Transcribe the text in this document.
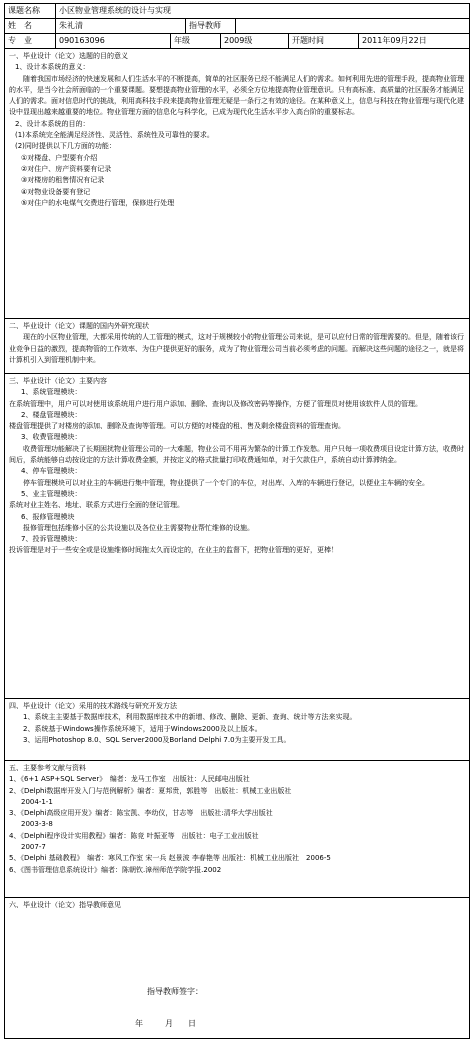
课题名称	小区物业管理系统的设计与实现
姓　名	朱礼清	指导教师
专　业	090163096	年级	2009级	开题时间	2011年09月22日

一、毕业设计（论文）选题的目的意义

1、设计本系统的意义：

随着我国市场经济的快速发展和人们生活水平的不断提高，简单的社区服务已经不能满足人们的需求。如何利用先进的管理手段，提高物业管理的水平，是当今社会所面临的一个重要课题。要想提高物业管理的水平，必须全方位地提高物业管理意识。只有高标准、高质量的社区服务才能满足人们的需求。面对信息时代的挑战，利用高科技手段来提高物业管理无疑是一条行之有效的途径。在某种意义上，信息与科技在物业管理与现代化建设中显现出越来越重要的地位。物业管理方面的信息化与科学化，已成为现代化生活水平步入高台阶的重要标志。

2、设计本系统的目的：

(1)本系统完全能满足经济性、灵活性、系统性及可靠性的要求。

(2)同时提供以下几方面的功能：

①对楼盘、户型要有介绍

②对住户、房产资料要有记录

③对楼房的租售情况有记录

④对物业设备要有登记

⑤对住户的水电煤气交费进行管理，保修进行处理

二、毕业设计（论文）课题的国内外研究现状

现在的小区物业管理，大都采用传统的人工管理的模式，这对于规模较小的物业管理公司来说，是可以应付日常的管理需要的。但是，随着该行业竞争日益的激烈，提高物管的工作效率、为住户提供更好的服务，成为了物业管理公司当前必须考虑的问题。而解决这些问题的途径之一，就是将计算机引入到管理机制中来。

三、毕业设计（论文）主要内容

1、系统管理模块：

在系统管理中，用户可以对使用该系统用户进行用户添加、删除、查询以及修改密码等操作，方便了管理员对使用该软件人员的管理。

2、楼盘管理模块：

楼盘管理提供了对楼房的添加、删除及查询等管理。可以方便的对楼盘的租、售及剩余楼盘资料的管理查询。

3、收费管理模块：

收费管理功能解决了长期困扰物业管理公司的一大难题，物业公司不用再为繁杂的计算工作发愁。用户只每一项收费项目设定计算方法，收费时间后，系统能够自动按设定的方法计算收费金额，并按定义的格式批量打印收费通知单，对于欠款住户，系统自动计算滞纳金。

4、停车管理模块：

停车管理模块可以对业主的车辆进行集中管理，物业提供了一个专门的车位，对出库、入库的车辆进行登记，以便业主车辆的安全。

5、业主管理模块：

系统对业主姓名、地址、联系方式进行全面的登记管理。

6、报修管理模块

报修管理包括维修小区的公共设施以及各位业主需要物业帮忙维修的设施。

7、投诉管理模块：

投诉管理是对于一些安全或是设施维修时间拖太久而设定的，在业主的监督下，把物业管理的更好，更棒！

四、毕业设计（论文）采用的技术路线与研究开发方法

1、系统主主要基于数据库技术，利用数据库技术中的新增、修改、删除、更新、查询、统计等方法来实现。

2、系统基于Windows操作系统环境下，适用于Windows2000及以上版本。

3、运用Photoshop 8.0、SQL Server2000及Borland Delphi 7.0为主要开发工具。

五、主要参考文献与资料

1、《6+1 ASP+SQL Server》　编者：龙马工作室　出版社：人民邮电出版社

2、《Delphi数据库开发入门与范例解析》编者：夏邦贵，郭胜等　出版社：机械工业出版社

2004-1-1

3、《Delphi高级应用开发》编者：陈宝凯、李幼仪，甘志等　出版社:清华大学出版社

2003-3-8

4、《Delphi程序设计实用教程》编者：陈竞 叶振亚等　出版社：电子工业出版社

2007-7

5、《Delphi 基础教程》　编者：寒风工作室 宋一兵 赵景波 李春艳等 出版社：机械工业出版社　2006-5

6、《图书管理信息系统设计》编者：陈朝钦.漳州师范学院学报.2002

六、毕业设计（论文）指导教师意见

指导教师签字：
年	月 日
